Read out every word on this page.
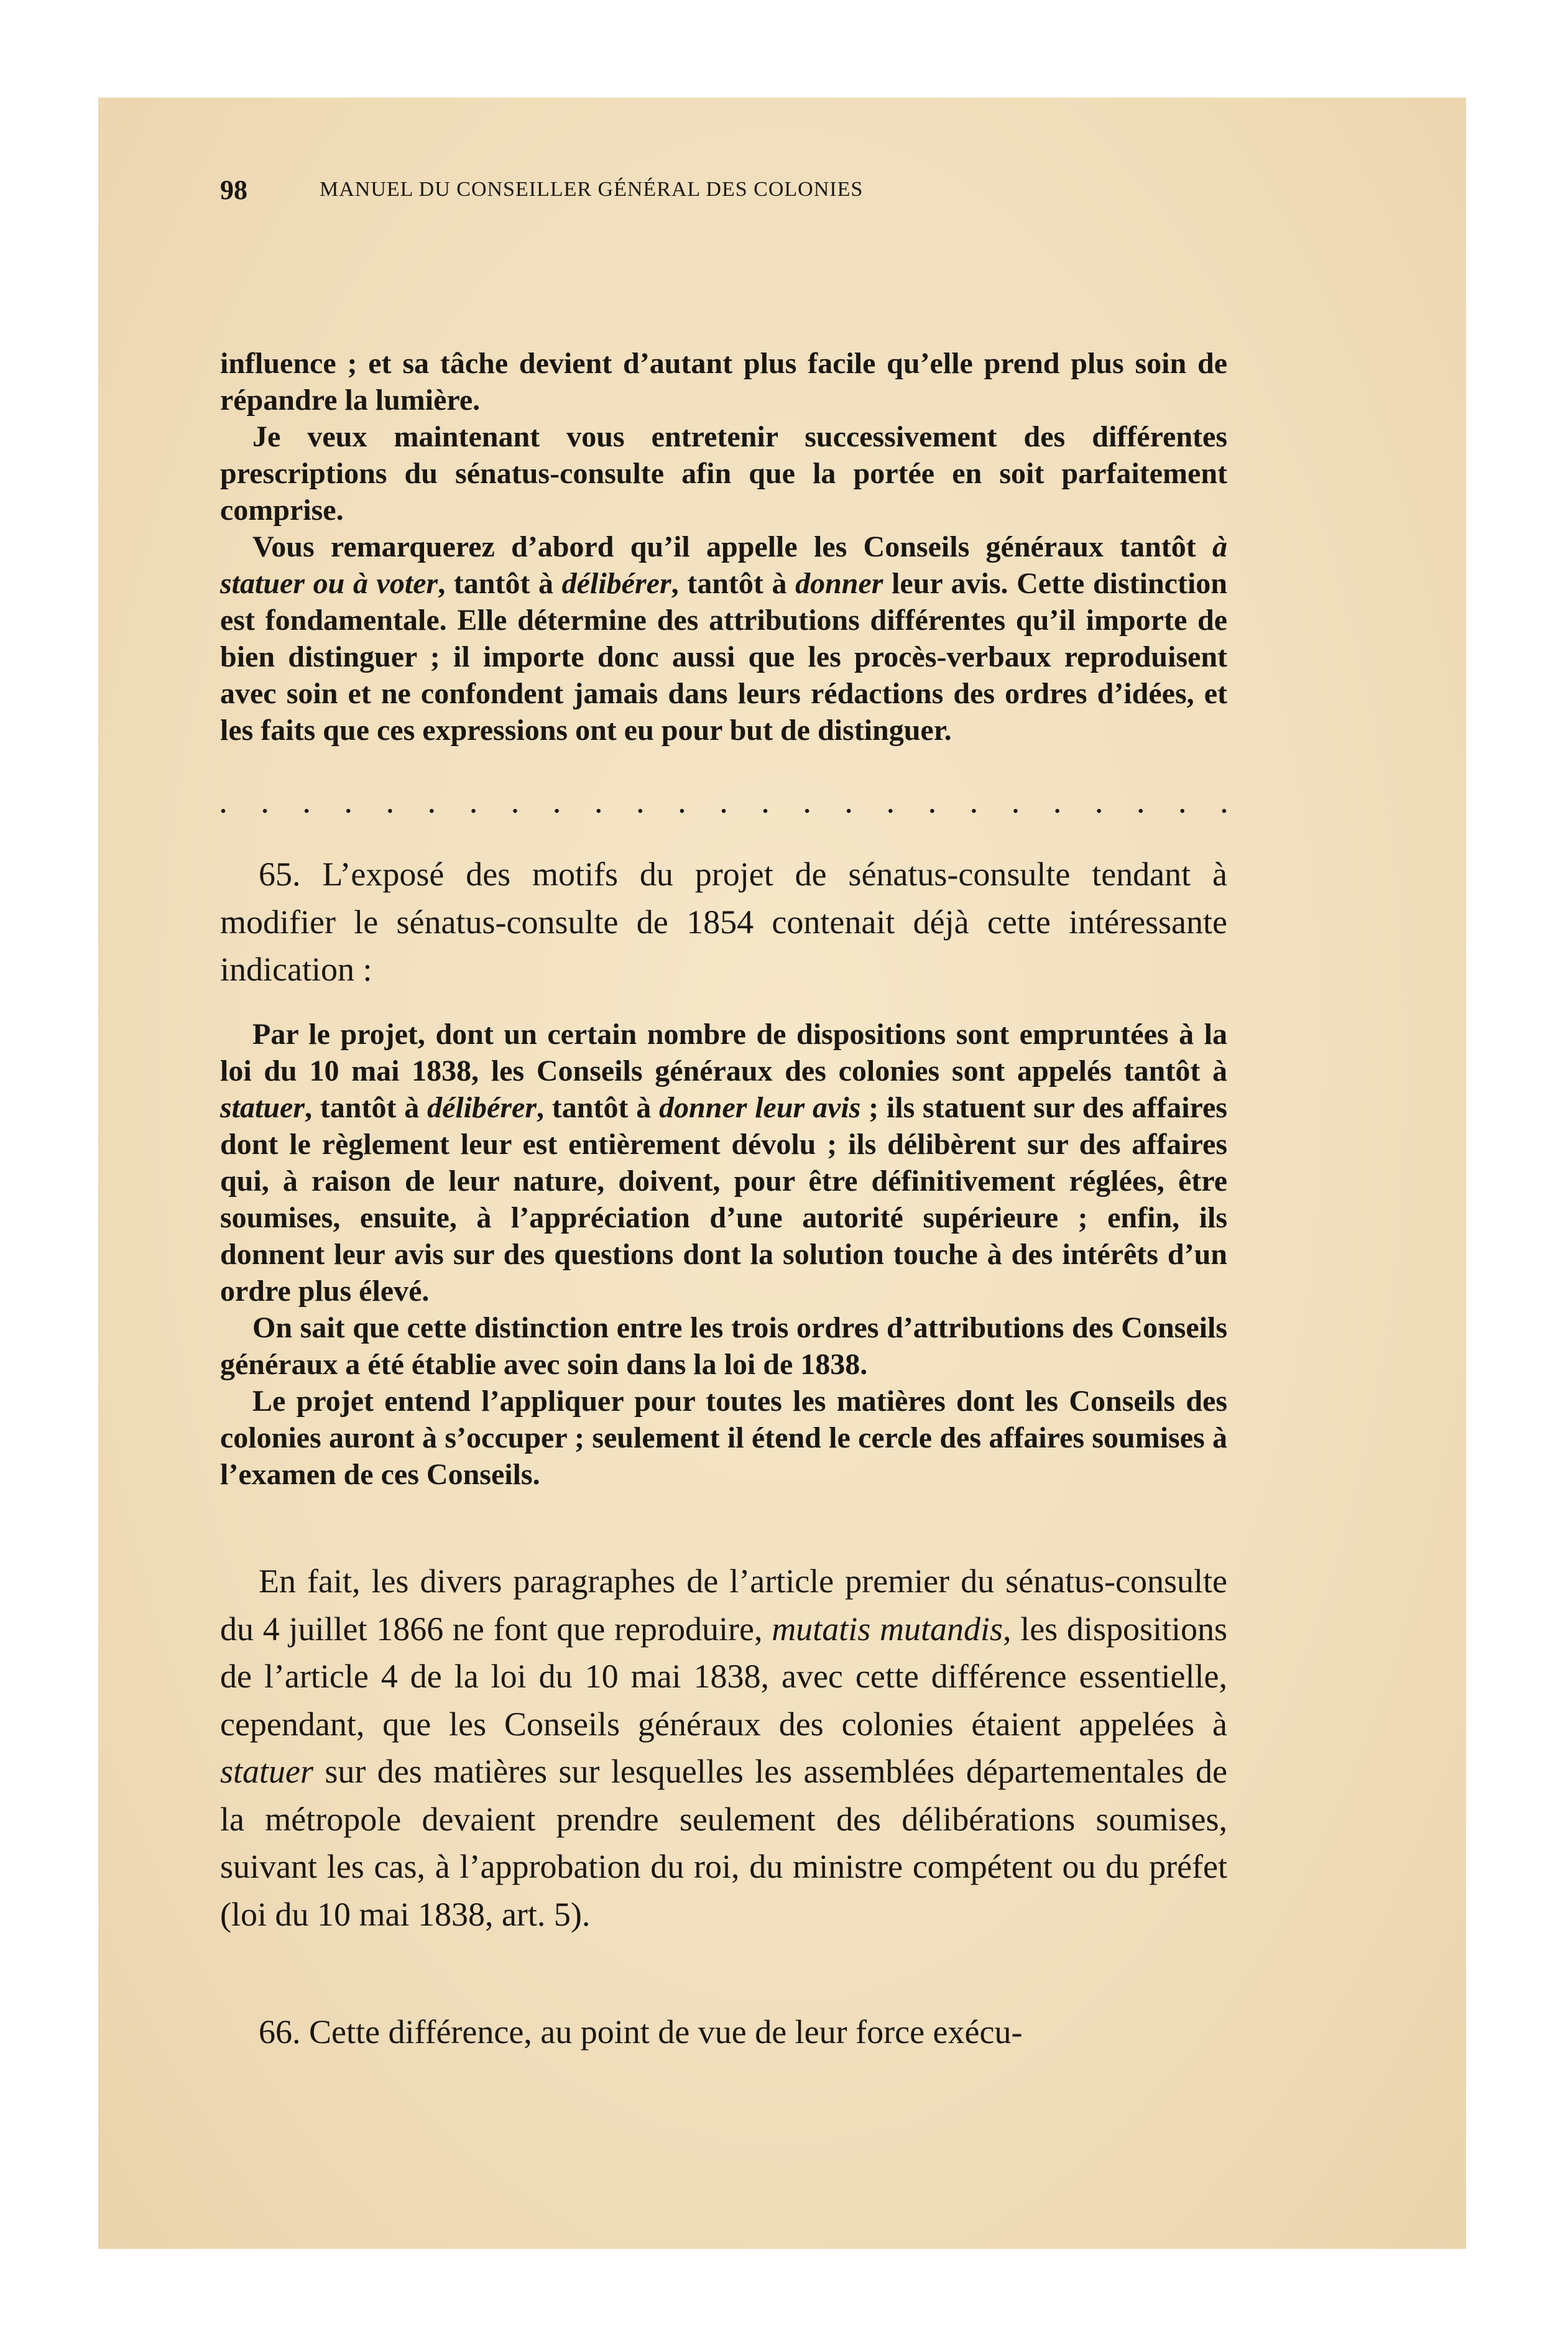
98	MANUEL DU CONSEILLER GÉNÉRAL DES COLONIES

influence ; et sa tâche devient d’autant plus facile qu’elle prend plus soin de répandre la lumière.

Je veux maintenant vous entretenir successivement des différentes prescriptions du sénatus-consulte afin que la portée en soit parfaitement comprise.

Vous remarquerez d’abord qu’il appelle les Conseils généraux tantôt à statuer ou à voter, tantôt à délibérer, tantôt à donner leur avis. Cette distinction est fondamentale. Elle détermine des attributions différentes qu’il importe de bien distinguer ; il importe donc aussi que les procès-verbaux reproduisent avec soin et ne confondent jamais dans leurs rédactions des ordres d’idées, et les faits que ces expressions ont eu pour but de distinguer.

. . . . . . . . . . . . . . . . . . . . . . . . .

65. L’exposé des motifs du projet de sénatus-consulte tendant à modifier le sénatus-consulte de 1854 contenait déjà cette intéressante indication :

Par le projet, dont un certain nombre de dispositions sont empruntées à la loi du 10 mai 1838, les Conseils généraux des colonies sont appelés tantôt à statuer, tantôt à délibérer, tantôt à donner leur avis ; ils statuent sur des affaires dont le règlement leur est entièrement dévolu ; ils délibèrent sur des affaires qui, à raison de leur nature, doivent, pour être définitivement réglées, être soumises, ensuite, à l’appréciation d’une autorité supérieure ; enfin, ils donnent leur avis sur des questions dont la solution touche à des intérêts d’un ordre plus élevé.

On sait que cette distinction entre les trois ordres d’attributions des Conseils généraux a été établie avec soin dans la loi de 1838.

Le projet entend l’appliquer pour toutes les matières dont les Conseils des colonies auront à s’occuper ; seulement il étend le cercle des affaires soumises à l’examen de ces Conseils.

En fait, les divers paragraphes de l’article premier du sénatus-consulte du 4 juillet 1866 ne font que reproduire, mutatis mutandis, les dispositions de l’article 4 de la loi du 10 mai 1838, avec cette différence essentielle, cependant, que les Conseils généraux des colonies étaient appelées à statuer sur des matières sur lesquelles les assemblées départementales de la métropole devaient prendre seulement des délibérations soumises, suivant les cas, à l’approbation du roi, du ministre compétent ou du préfet (loi du 10 mai 1838, art. 5).

66. Cette différence, au point de vue de leur force exécu-
